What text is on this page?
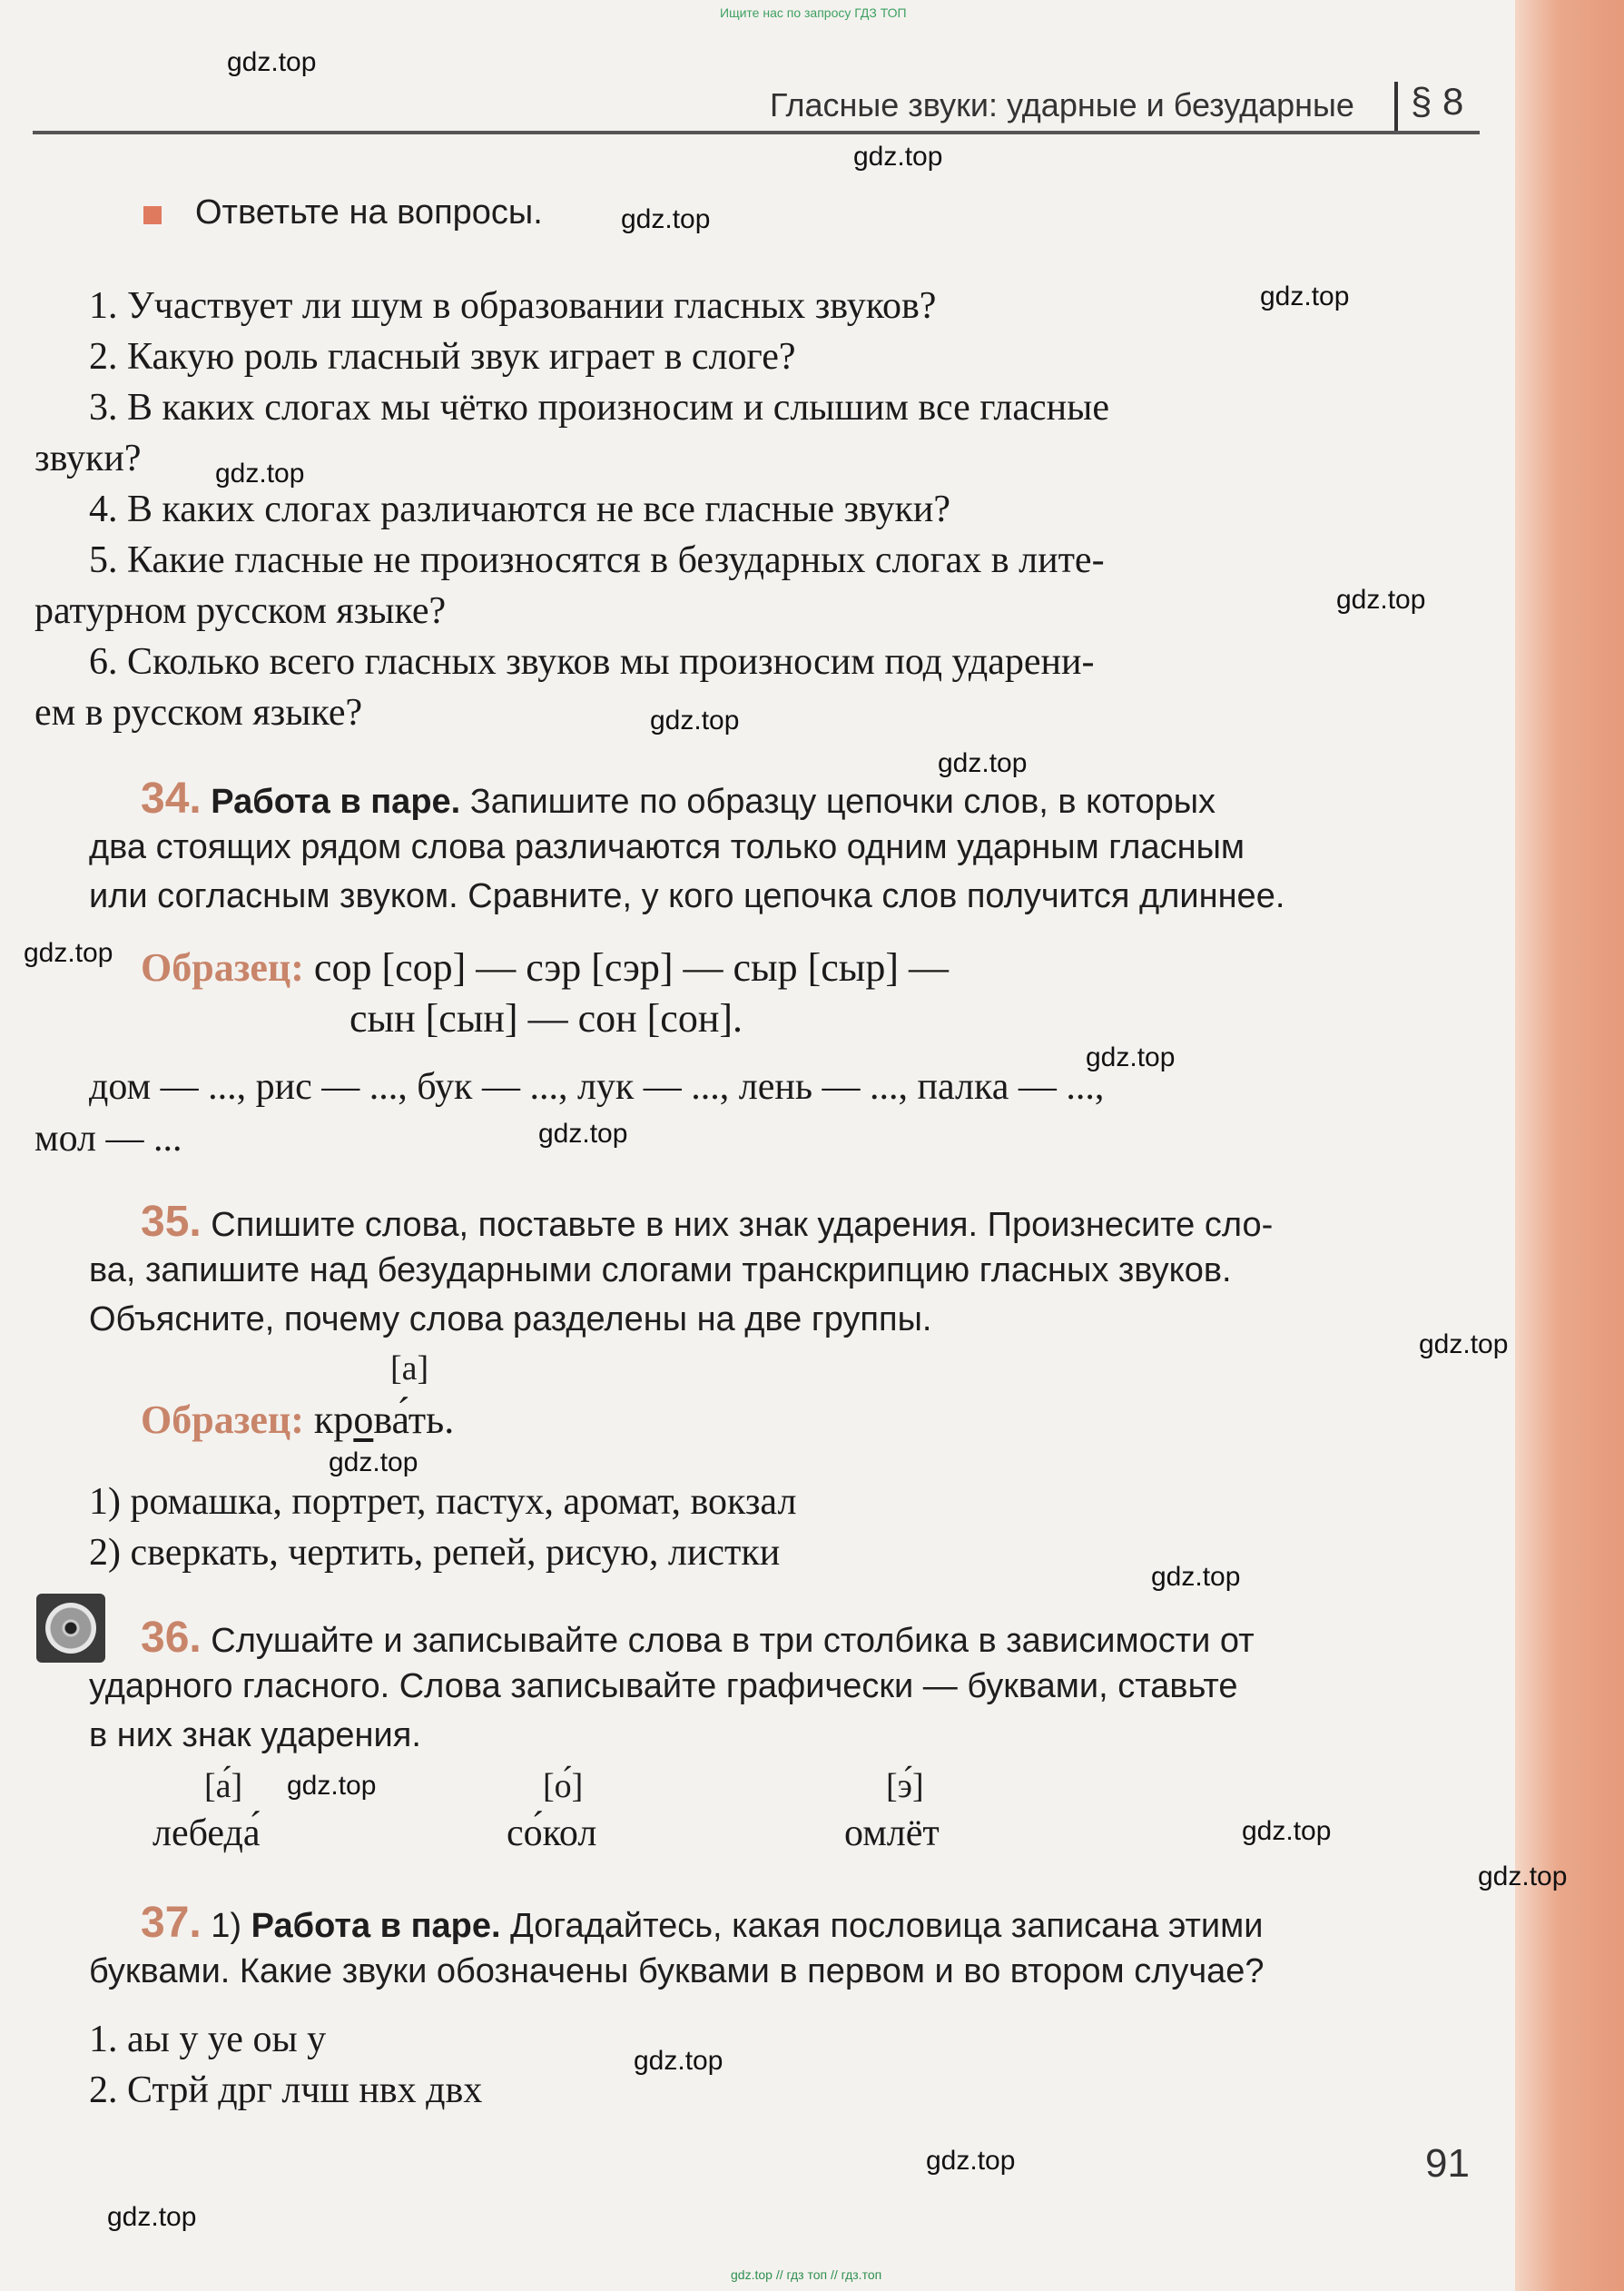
Ищите нас по запросу ГДЗ ТОП
gdz.top // гдз топ // гдз.топ
gdz.top
gdz.top
gdz.top
gdz.top
gdz.top
gdz.top
gdz.top
gdz.top
gdz.top
gdz.top
gdz.top
gdz.top
gdz.top
gdz.top
gdz.top
gdz.top
gdz.top
gdz.top
gdz.top
gdz.top
Гласные звуки: ударные и безударные § 8
Ответьте на вопросы.
1. Участвует ли шум в образовании гласных звуков?
2. Какую роль гласный звук играет в слоге?
3. В каких слогах мы чётко произносим и слышим все гласные
звуки?
4. В каких слогах различаются не все гласные звуки?
5. Какие гласные не произносятся в безударных слогах в лите-
ратурном русском языке?
6. Сколько всего гласных звуков мы произносим под ударени-
ем в русском языке?
34. Работа в паре. Запишите по образцу цепочки слов, в которых
два стоящих рядом слова различаются только одним ударным гласным
или согласным звуком. Сравните, у кого цепочка слов получится длиннее.
Образец: сор [сор] — сэр [сэр] — сыр [сыр] —
сын [сын] — сон [сон].
дом — ..., рис — ..., бук — ..., лук — ..., лень — ..., палка — ...,
мол — ...
35. Спишите слова, поставьте в них знак ударения. Произнесите сло-
ва, запишите над безударными слогами транскрипцию гласных звуков.
Объясните, почему слова разделены на две группы.
[а]
Образец: крова́ть.
1) ромашка, портрет, пастух, аромат, вокзал
2) сверкать, чертить, репей, рисую, листки
36. Слушайте и записывайте слова в три столбика в зависимости от
ударного гласного. Слова записывайте графически — буквами, ставьте
в них знак ударения.
[а́]
лебеда́
[о́]
со́кол
[э́]
омлёт
37. 1) Работа в паре. Догадайтесь, какая пословица записана этими
буквами. Какие звуки обозначены буквами в первом и во втором случае?
1. аы у уе оы у
2. Стрй дрг лчш нвх двх
91
